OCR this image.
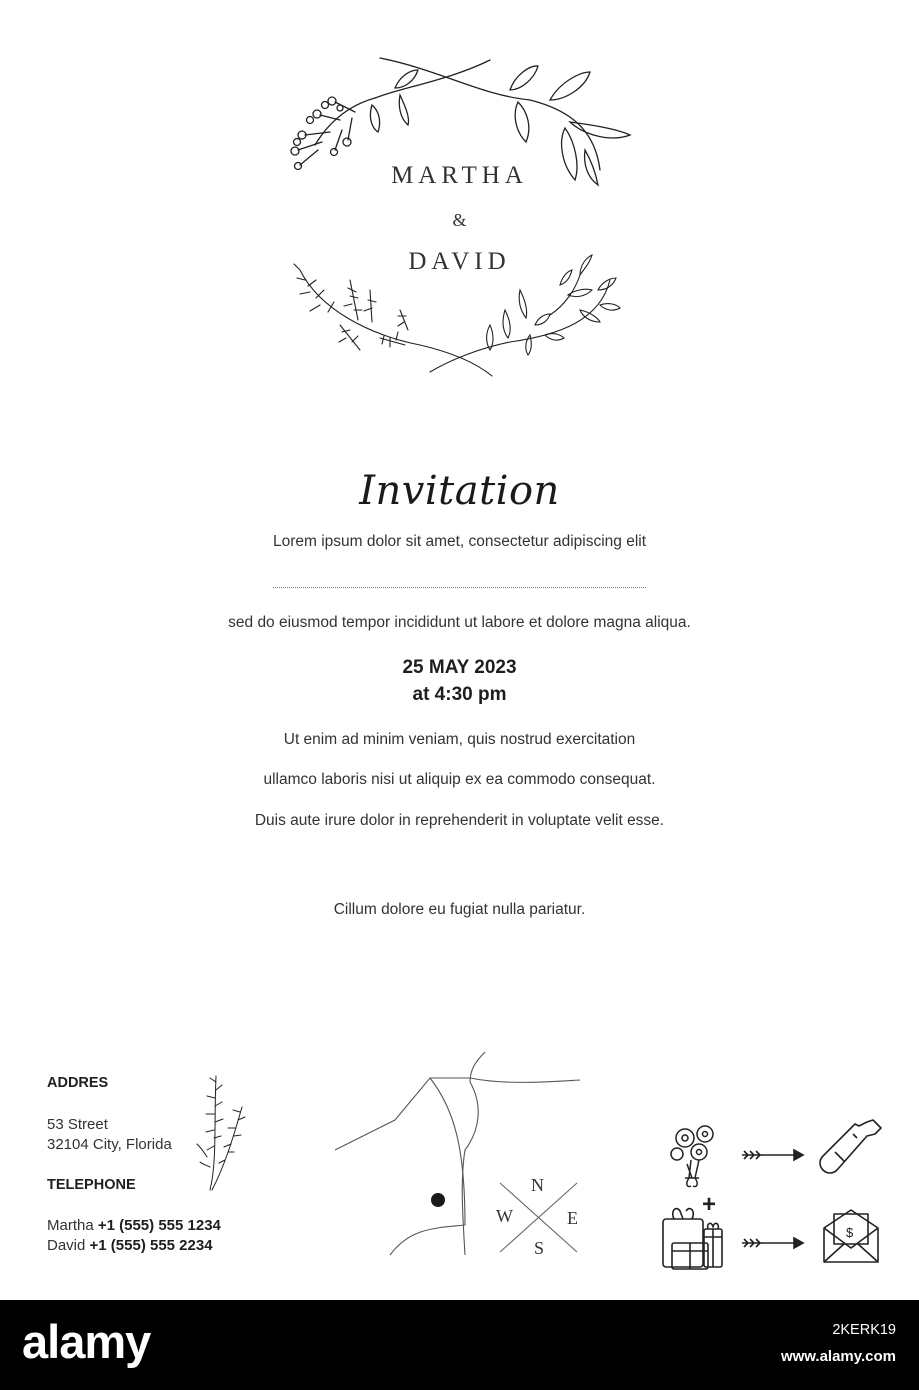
MARTHA
&
DAVID
Invitation
Lorem ipsum dolor sit amet, consectetur adipiscing elit
sed do eiusmod tempor incididunt ut labore et dolore magna aliqua.
25 MAY 2023
at 4:30 pm
Ut enim ad minim veniam, quis nostrud exercitation
ullamco laboris nisi ut aliquip ex ea commodo consequat.
Duis aute irure dolor in reprehenderit in voluptate velit esse.
Cillum dolore eu fugiat nulla pariatur.
ADDRES
53 Street
32104 City, Florida
TELEPHONE
Martha +1 (555) 555 1234
David +1 (555) 555 2234
N
W	E
S
+
$
alamy	2KERK19
www.alamy.com
